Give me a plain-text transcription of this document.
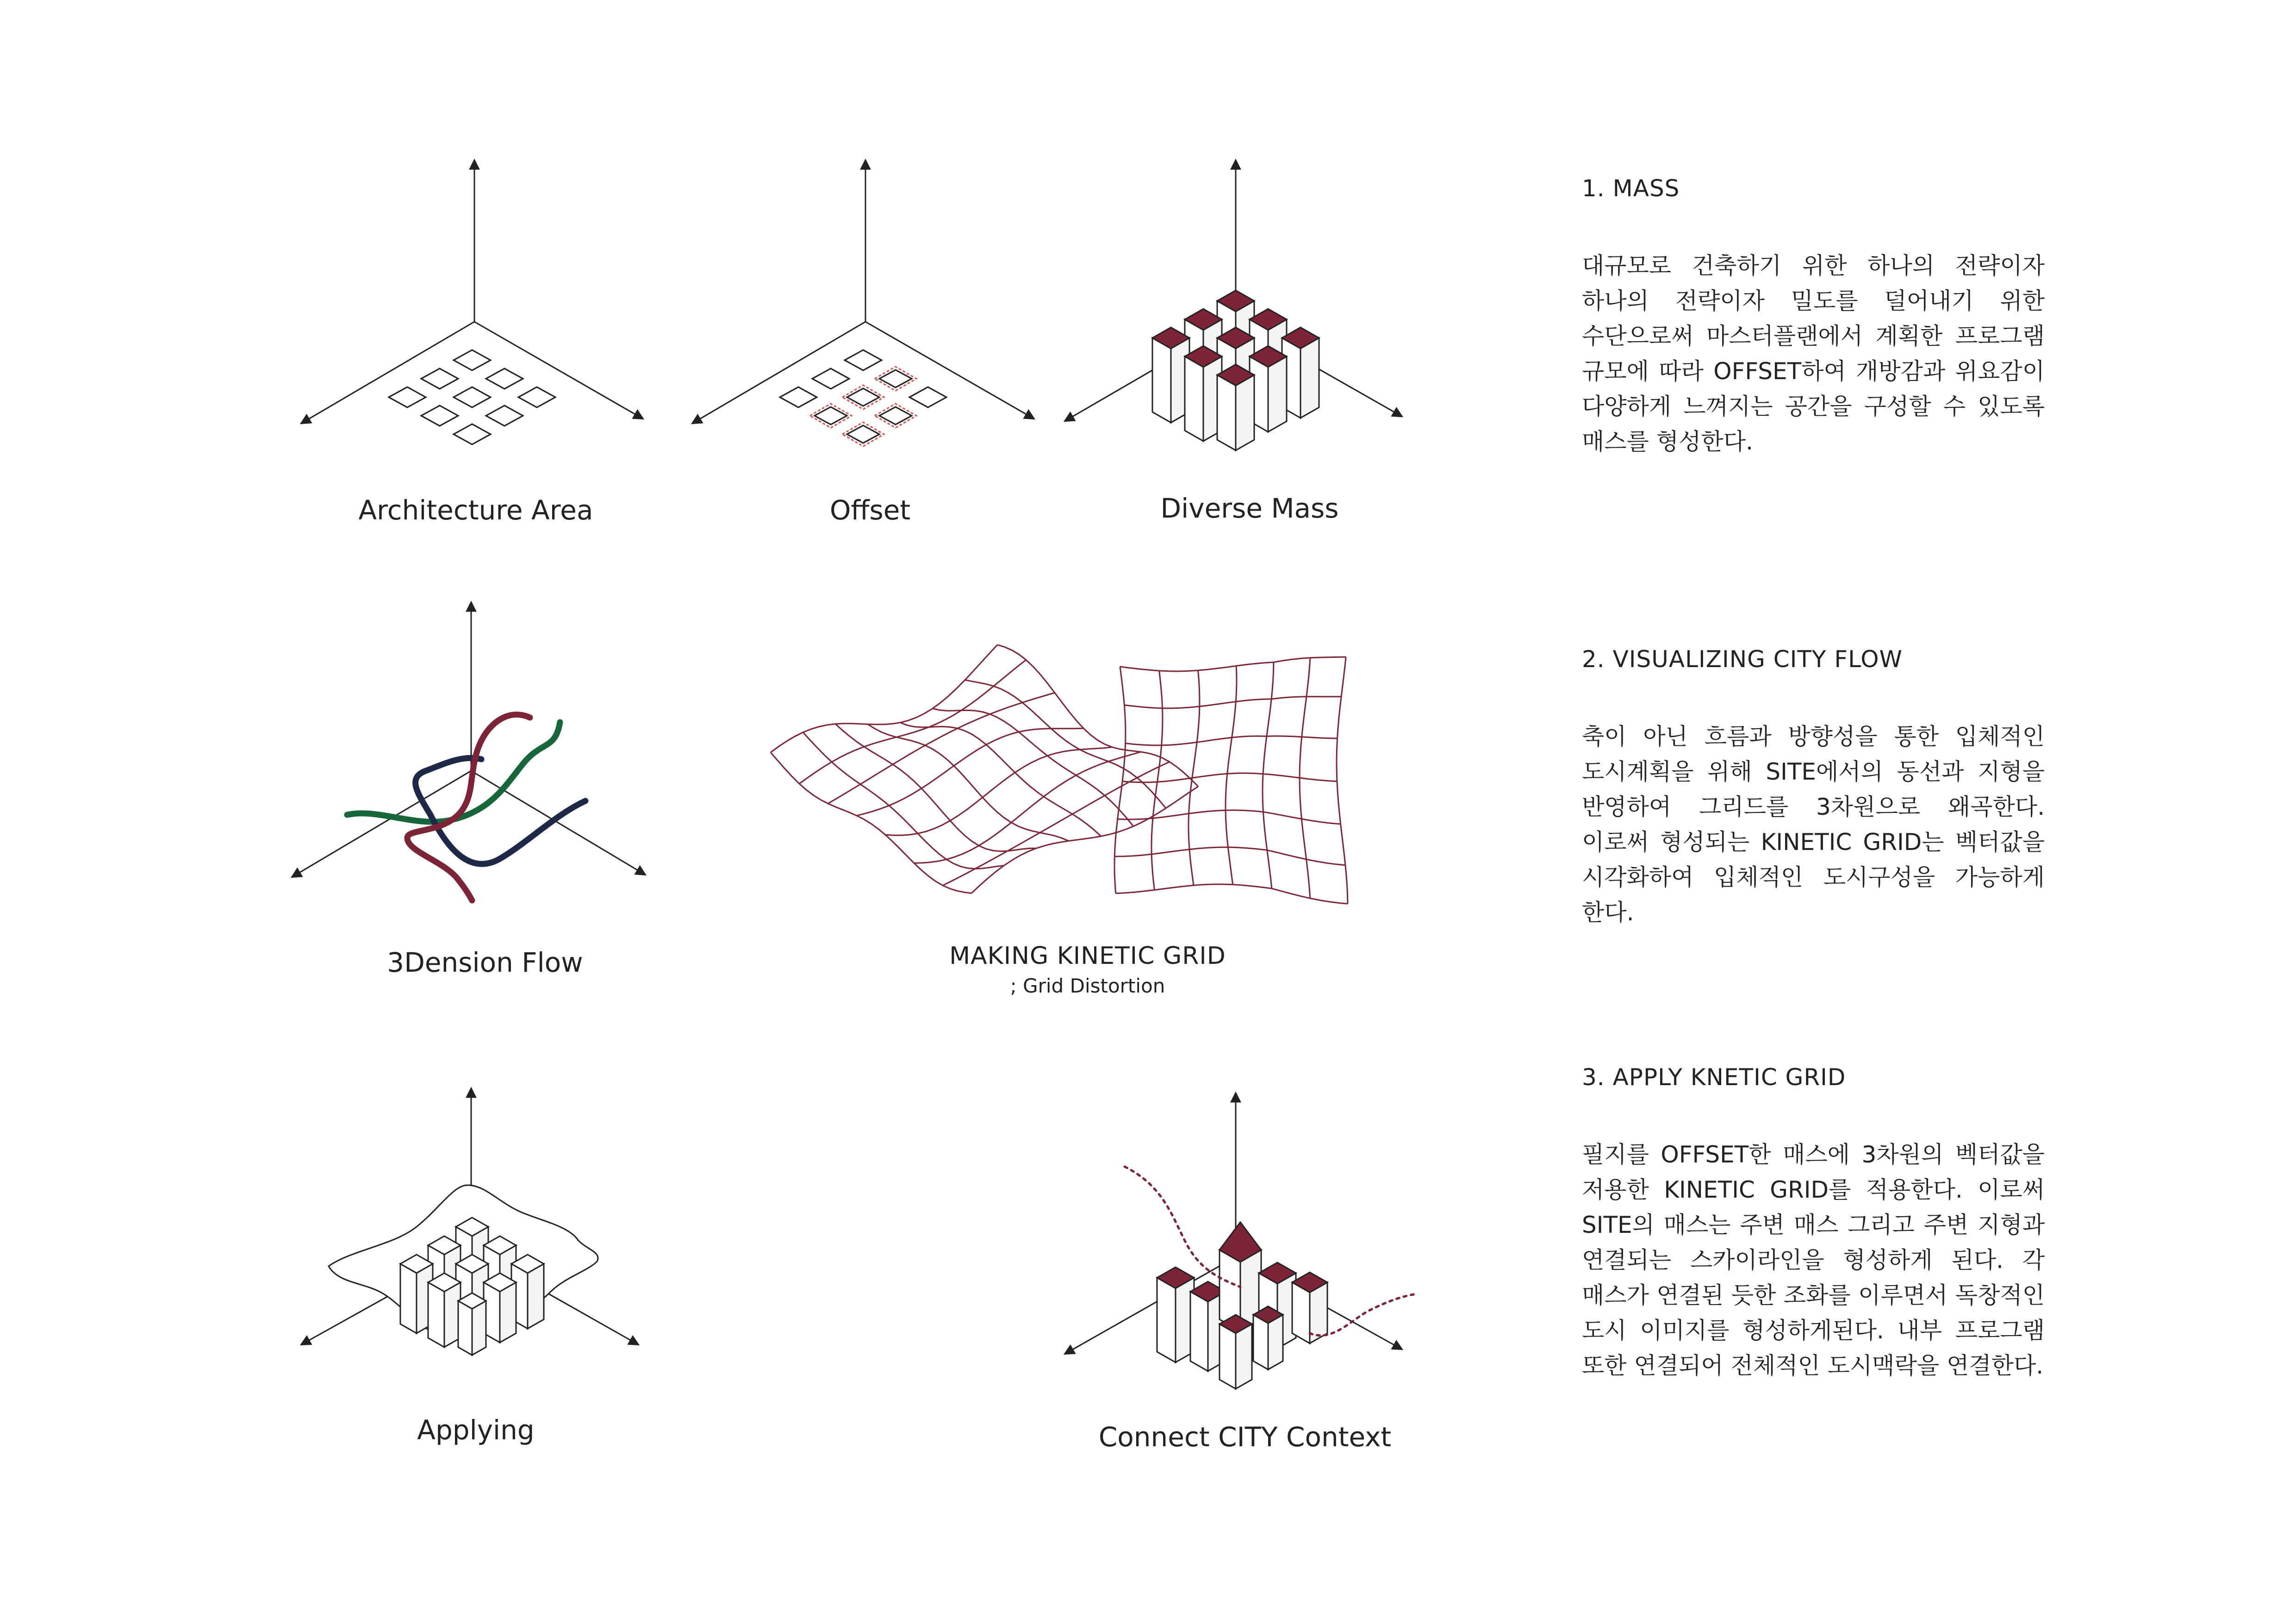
Architecture Area	Offset	Diverse Mass
3Dension Flow	MAKING KINETIC GRID
; Grid Distortion
Applying	Connect CITY Context
1. MASS

대규모로 건축하기 위한 하나의 전략이자 하나의 전략이자 밀도를 덜어내기 위한 수단으로써 마스터플랜에서 계획한 프로그램 규모에 따라 OFFSET하여 개방감과 위요감이 다양하게 느껴지는 공간을 구성할 수 있도록 매스를 형성한다.

2. VISUALIZING CITY FLOW

축이 아닌 흐름과 방향성을 통한 입체적인 도시계획을 위해 SITE에서의 동선과 지형을 반영하여 그리드를 3차원으로 왜곡한다. 이로써 형성되는 KINETIC GRID는 벡터값을 시각화하여 입체적인 도시구성을 가능하게 한다.

3. APPLY KNETIC GRID

필지를 OFFSET한 매스에 3차원의 벡터값을 저용한 KINETIC GRID를 적용한다. 이로써 SITE의 매스는 주변 매스 그리고 주변 지형과 연결되는 스카이라인을 형성하게 된다. 각 매스가 연결된 듯한 조화를 이루면서 독창적인 도시 이미지를 형성하게된다. 내부 프로그램 또한 연결되어 전체적인 도시맥락을 연결한다.
